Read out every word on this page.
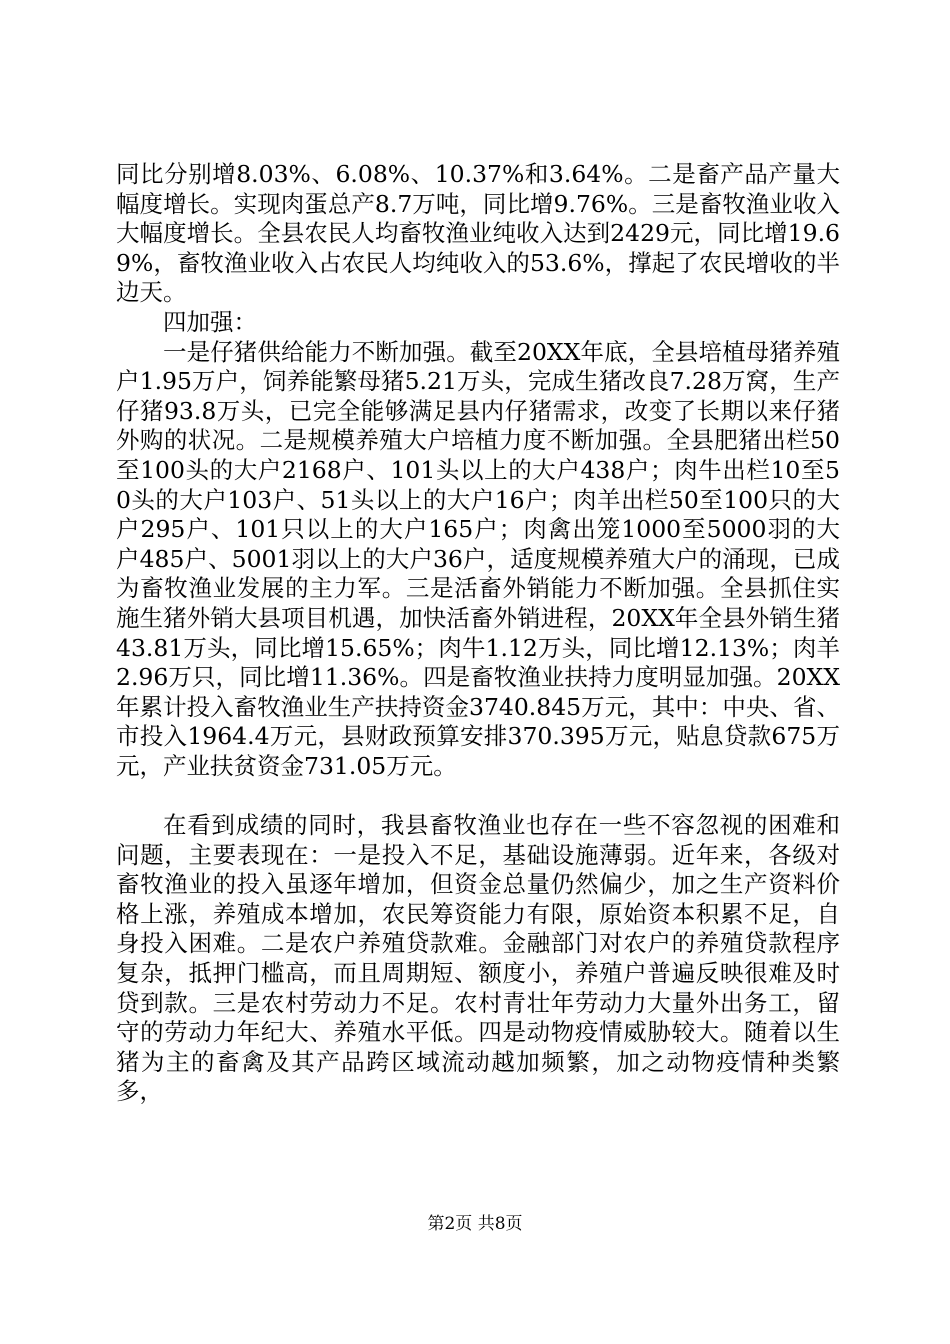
同比分别增8.03%、6.08%、10.37%和3.64%。二是畜产品产量大幅度增长。实现肉蛋总产8.7万吨，同比增9.76%。三是畜牧渔业收入大幅度增长。全县农民人均畜牧渔业纯收入达到2429元，同比增19.69%，畜牧渔业收入占农民人均纯收入的53.6%，撑起了农民增收的半边天。

四加强：

一是仔猪供给能力不断加强。截至20XX年底，全县培植母猪养殖户1.95万户，饲养能繁母猪5.21万头，完成生猪改良7.28万窝，生产仔猪93.8万头，已完全能够满足县内仔猪需求，改变了长期以来仔猪外购的状况。二是规模养殖大户培植力度不断加强。全县肥猪出栏50至100头的大户2168户、101头以上的大户438户；肉牛出栏10至50头的大户103户、51头以上的大户16户；肉羊出栏50至100只的大户295户、101只以上的大户165户；肉禽出笼1000至5000羽的大户485户、5001羽以上的大户36户，适度规模养殖大户的涌现，已成为畜牧渔业发展的主力军。三是活畜外销能力不断加强。全县抓住实施生猪外销大县项目机遇，加快活畜外销进程，20XX年全县外销生猪43.81万头，同比增15.65%；肉牛1.12万头，同比增12.13%；肉羊2.96万只，同比增11.36%。四是畜牧渔业扶持力度明显加强。20XX年累计投入畜牧渔业生产扶持资金3740.845万元，其中：中央、省、市投入1964.4万元，县财政预算安排370.395万元，贴息贷款675万元，产业扶贫资金731.05万元。

在看到成绩的同时，我县畜牧渔业也存在一些不容忽视的困难和问题，主要表现在：一是投入不足，基础设施薄弱。近年来，各级对畜牧渔业的投入虽逐年增加，但资金总量仍然偏少，加之生产资料价格上涨，养殖成本增加，农民筹资能力有限，原始资本积累不足，自身投入困难。二是农户养殖贷款难。金融部门对农户的养殖贷款程序复杂，抵押门槛高，而且周期短、额度小，养殖户普遍反映很难及时贷到款。三是农村劳动力不足。农村青壮年劳动力大量外出务工，留守的劳动力年纪大、养殖水平低。四是动物疫情威胁较大。随着以生猪为主的畜禽及其产品跨区域流动越加频繁，加之动物疫情种类繁多，

第2页 共8页
